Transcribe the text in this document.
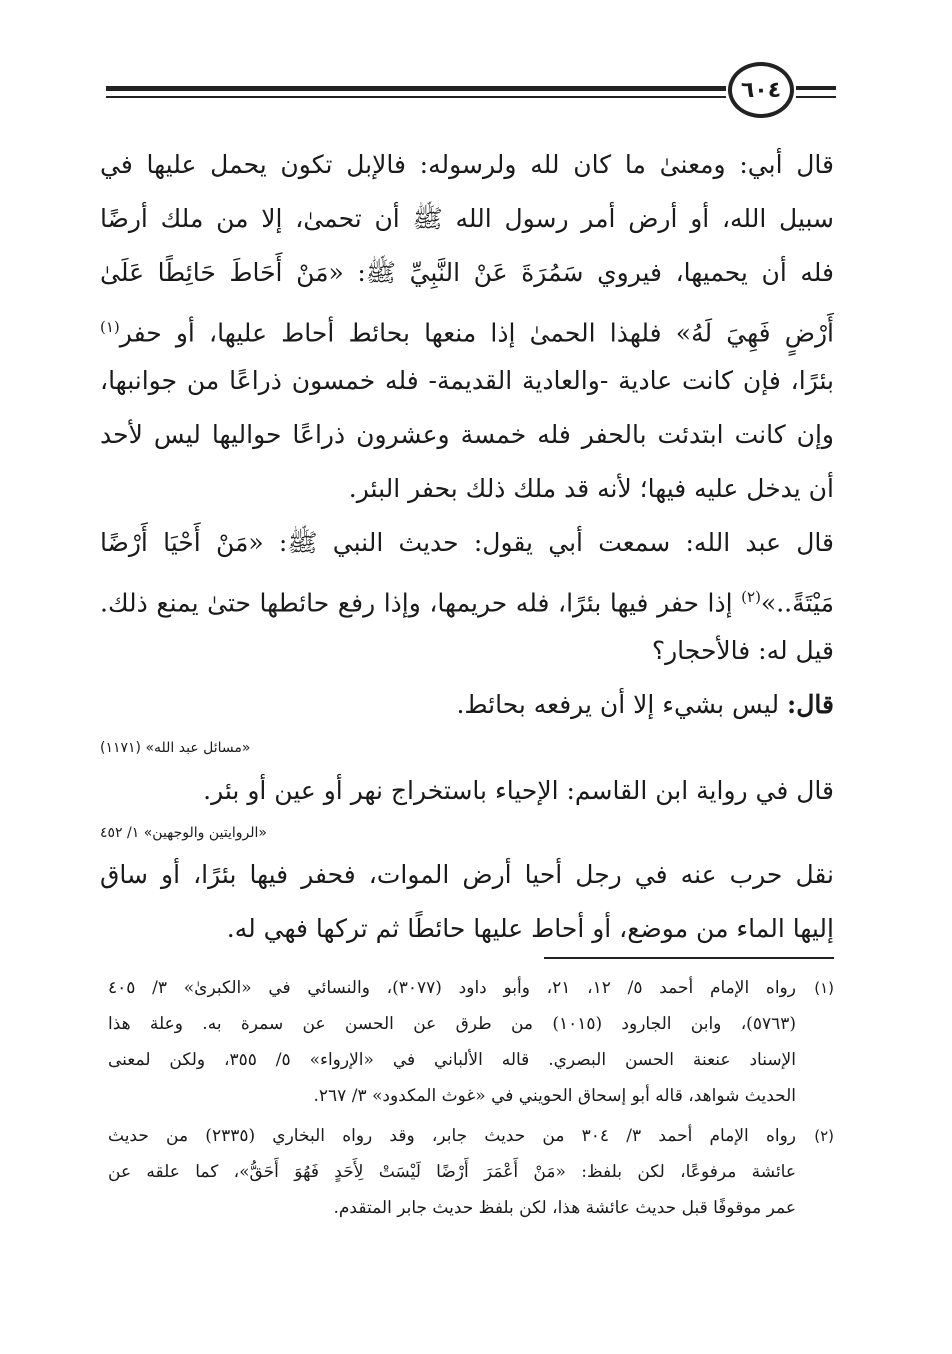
٦٠٤
قال أبي: ومعنىٰ ما كان لله ولرسوله: فالإبل تكون يحمل عليها في
سبيل الله، أو أرض أمر رسول الله ﷺ أن تحمىٰ، إلا من ملك أرضًا
فله أن يحميها، فيروي سَمُرَةَ عَنْ النَّبِيِّ ﷺ: «مَنْ أَحَاطَ حَائِطًا عَلَىٰ
أَرْضٍ فَهِيَ لَهُ» فلهذا الحمىٰ إذا منعها بحائط أحاط عليها، أو حفر$^{(١)}$
بئرًا، فإن كانت عادية -والعادية القديمة- فله خمسون ذراعًا من جوانبها،
وإن كانت ابتدئت بالحفر فله خمسة وعشرون ذراعًا حواليها ليس لأحد
أن يدخل عليه فيها؛ لأنه قد ملك ذلك بحفر البئر.
قال عبد الله: سمعت أبي يقول: حديث النبي ﷺ: «مَنْ أَحْيَا أَرْضًا
مَيْتَةً..»$^{(٢)}$ إذا حفر فيها بئرًا، فله حريمها، وإذا رفع حائطها حتىٰ يمنع ذلك.
قيل له: فالأحجار؟
قال: ليس بشيء إلا أن يرفعه بحائط.
«مسائل عبد الله» (١١٧١)
قال في رواية ابن القاسم: الإحياء باستخراج نهر أو عين أو بئر.
«الروايتين والوجهين» ١/ ٤٥٢
نقل حرب عنه في رجل أحيا أرض الموات، فحفر فيها بئرًا، أو ساق
إليها الماء من موضع، أو أحاط عليها حائطًا ثم تركها فهي له.
(١)
رواه الإمام أحمد ٥/ ١٢، ٢١، وأبو داود (٣٠٧٧)، والنسائي في «الكبرىٰ» ٣/ ٤٠٥
(٥٧٦٣)، وابن الجارود (١٠١٥) من طرق عن الحسن عن سمرة به. وعلة هذا
الإسناد عنعنة الحسن البصري. قاله الألباني في «الإرواء» ٥/ ٣٥٥، ولكن لمعنى
الحديث شواهد، قاله أبو إسحاق الحويني في «غوث المكدود» ٣/ ٢٦٧.
(٢)
رواه الإمام أحمد ٣/ ٣٠٤ من حديث جابر، وقد رواه البخاري (٢٣٣٥) من حديث
عائشة مرفوعًا، لكن بلفظ: «مَنْ أَعْمَرَ أَرْضًا لَيْسَتْ لِأَحَدٍ فَهُوَ أَحَقُّ»، كما علقه عن
عمر موقوفًا قبل حديث عائشة هذا، لكن بلفظ حديث جابر المتقدم.
